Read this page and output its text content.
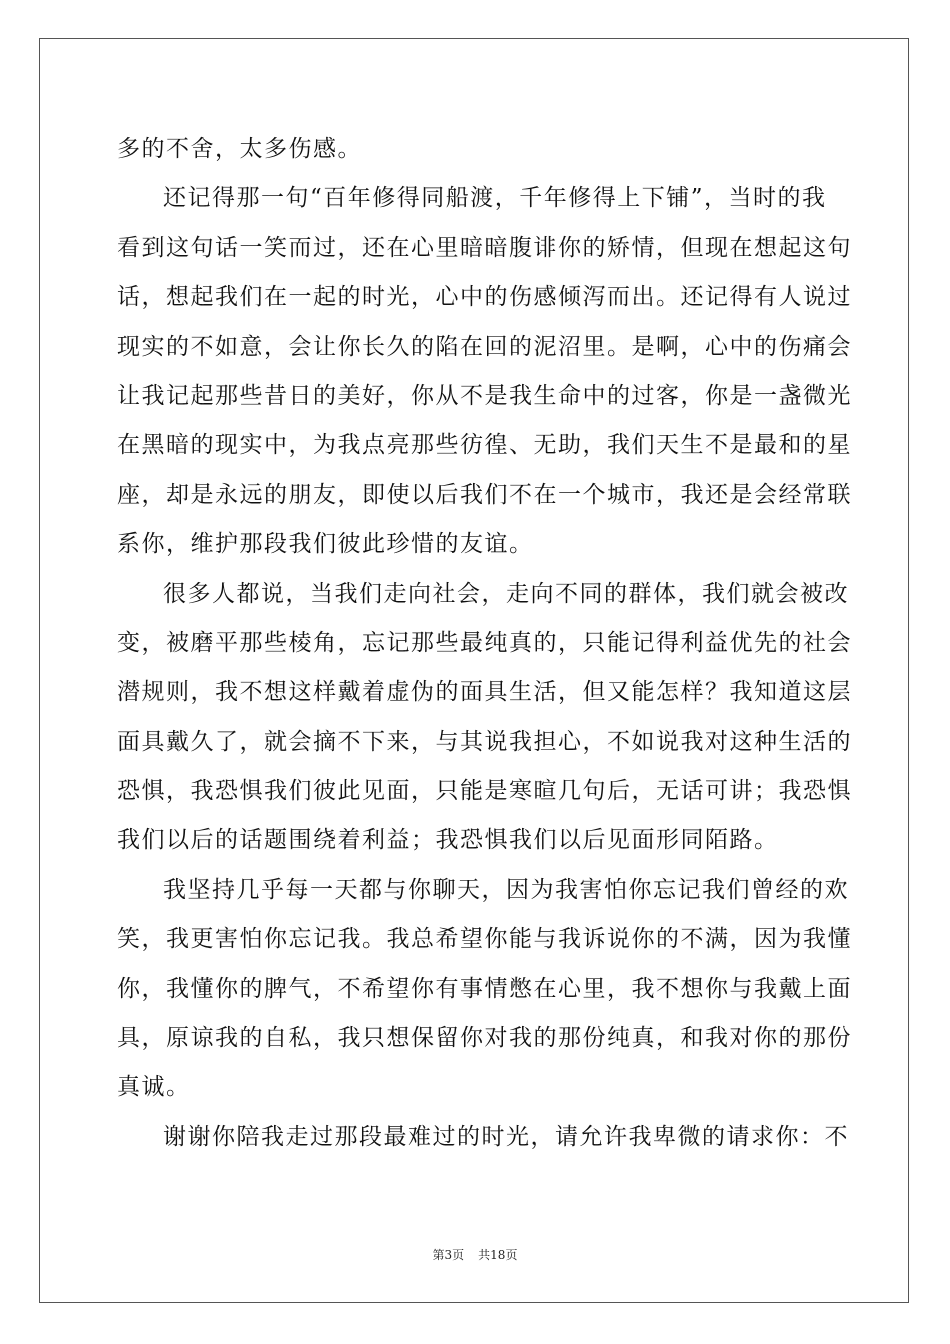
多的不舍，太多伤感。
还记得那一句“百年修得同船渡，千年修得上下铺”，当时的我
看到这句话一笑而过，还在心里暗暗腹诽你的矫情，但现在想起这句
话，想起我们在一起的时光，心中的伤感倾泻而出。还记得有人说过
现实的不如意，会让你长久的陷在回的泥沼里。是啊，心中的伤痛会
让我记起那些昔日的美好，你从不是我生命中的过客，你是一盏微光
在黑暗的现实中，为我点亮那些彷徨、无助，我们天生不是最和的星
座，却是永远的朋友，即使以后我们不在一个城市，我还是会经常联
系你，维护那段我们彼此珍惜的友谊。
很多人都说，当我们走向社会，走向不同的群体，我们就会被改
变，被磨平那些棱角，忘记那些最纯真的，只能记得利益优先的社会
潜规则，我不想这样戴着虚伪的面具生活，但又能怎样？我知道这层
面具戴久了，就会摘不下来，与其说我担心，不如说我对这种生活的
恐惧，我恐惧我们彼此见面，只能是寒暄几句后，无话可讲；我恐惧
我们以后的话题围绕着利益；我恐惧我们以后见面形同陌路。
我坚持几乎每一天都与你聊天，因为我害怕你忘记我们曾经的欢
笑，我更害怕你忘记我。我总希望你能与我诉说你的不满，因为我懂
你，我懂你的脾气，不希望你有事情憋在心里，我不想你与我戴上面
具，原谅我的自私，我只想保留你对我的那份纯真，和我对你的那份
真诚。
谢谢你陪我走过那段最难过的时光，请允许我卑微的请求你：不
第3页 共18页
